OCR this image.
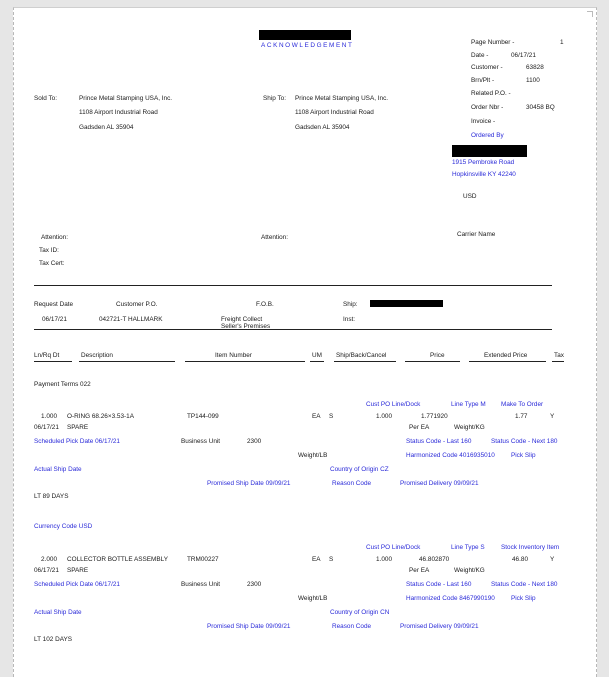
ACKNOWLEDGEMENT	Page Number -	1
Date -	06/17/21
Customer -	63828
Brn/Plt -	1100
Related P.O. -
Order Nbr -	30458 BQ
Invoice -
Ordered By
1915 Pembroke Road
Hopkinsville KY 42240
USD
Sold To:	Prince Metal Stamping USA, Inc.
1108 Airport Industrial Road
Gadsden AL 35904
Ship To: Prince Metal Stamping USA, Inc.
1108 Airport Industrial Road
Gadsden AL 35904
Attention:
Tax ID:
Tax Cert:
Attention:	Carrier Name
Request Date	Customer P.O.	F.O.B.	Ship:
06/17/21	042721-T HALLMARK	Freight Collect
Seller's Premises
Inst:
Ln/Rq Dt	Description	Item Number	UM Ship/Back/Cancel	Price	Extended Price	Tax
Payment Terms 022
Cust PO Line/Dock	Line Type M Make To Order
1.000 O-RING 68.26×3.53-1A	TP144-099	EA S	1.000	1.771920	1.77	Y
06/17/21 SPARE	Per EA	Weight/KG
Scheduled Pick Date 06/17/21	Business Unit	2300	Status Code - Last 160	Status Code - Next 180
Weight/LB	Harmonized Code 4016935010	Pick Slip
Actual Ship Date	Country of Origin CZ
Promised Ship Date 09/09/21	Reason Code	Promised Delivery 09/09/21
LT 89 DAYS
Currency Code USD
Cust PO Line/Dock	Line Type S	Stock Inventory Item
2.000 COLLECTOR BOTTLE ASSEMBLY	TRM00227	EA S	1.000	46.802870	46.80	Y
06/17/21 SPARE	Per EA	Weight/KG
Scheduled Pick Date 06/17/21	Business Unit	2300	Status Code - Last 160	Status Code - Next 180
Weight/LB	Harmonized Code 8467990190	Pick Slip
Actual Ship Date	Country of Origin CN
Promised Ship Date 09/09/21	Reason Code	Promised Delivery 09/09/21
LT 102 DAYS
